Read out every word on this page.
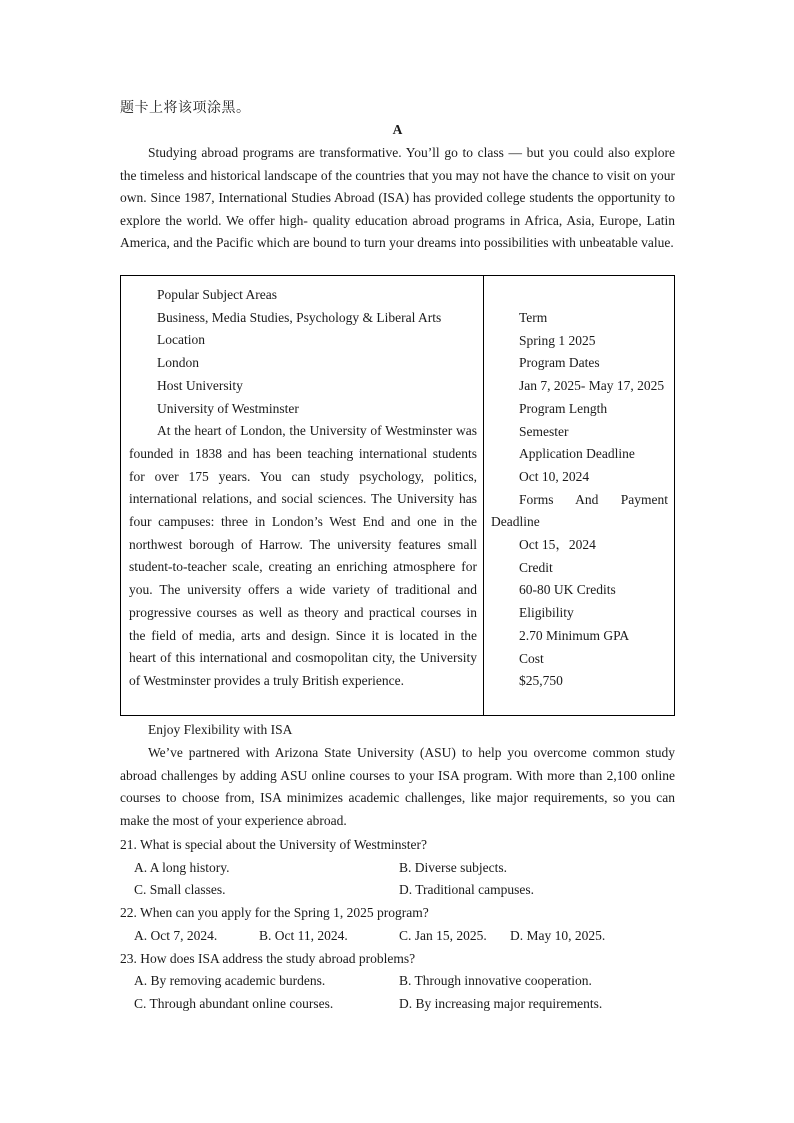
题卡上将该项涂黑。
A

Studying abroad programs are transformative. You’ll go to class — but you could also explore the timeless and historical landscape of the countries that you may not have the chance to visit on your own. Since 1987, International Studies Abroad (ISA) has provided college students the opportunity to explore the world. We offer high- quality education abroad programs in Africa, Asia, Europe, Latin America, and the Pacific which are bound to turn your dreams into possibilities with unbeatable value.

Popular Subject Areas
Business, Media Studies, Psychology & Liberal Arts
Location
London
Host University
University of Westminster

At the heart of London, the University of Westminster was founded in 1838 and has been teaching international students for over 175 years. You can study psychology, politics, international relations, and social sciences. The University has four campuses: three in London’s West End and one in the northwest borough of Harrow. The university features small student-to-teacher scale, creating an enriching atmosphere for you. The university offers a wide variety of traditional and progressive courses as well as theory and practical courses in the field of media, arts and design. Since it is located in the heart of this international and cosmopolitan city, the University of Westminster provides a truly British experience.

Term
Spring 1 2025
Program Dates
Jan 7, 2025- May 17, 2025
Program Length
Semester
Application Deadline
Oct 10, 2024

Forms And Payment Deadline

Oct 15，2024
Credit
60-80 UK Credits
Eligibility
2.70 Minimum GPA
Cost
$25,750
Enjoy Flexibility with ISA

We’ve partnered with Arizona State University (ASU) to help you overcome common study abroad challenges by adding ASU online courses to your ISA program. With more than 2,100 online courses to choose from, ISA minimizes academic challenges, like major requirements, so you can make the most of your experience abroad.

21. What is special about the University of Westminster?

A. A long history.	B. Diverse subjects.
C. Small classes.	D. Traditional campuses.

22. When can you apply for the Spring 1, 2025 program?

A. Oct 7, 2024.	B. Oct 11, 2024.	C. Jan 15, 2025.	D. May 10, 2025.

23. How does ISA address the study abroad problems?

A. By removing academic burdens.	B. Through innovative cooperation.
C. Through abundant online courses.	D. By increasing major requirements.
